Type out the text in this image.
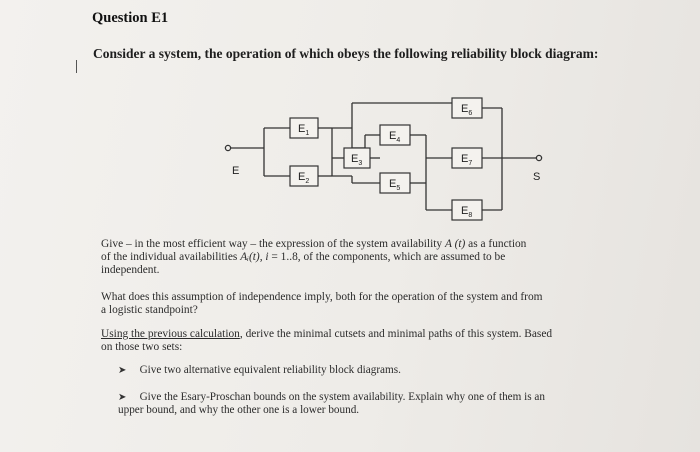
Question E1
Consider a system, the operation of which obeys the following reliability block diagram:
E	S
$E_1$
$E_2$
$E_3$
$E_4$
$E_5$
$E_6$
$E_7$
$E_8$
Give – in the most efficient way – the expression of the system availability A (t) as a function
of the individual availabilities Aᵢ(t), i = 1..8, of the components, which are assumed to be
independent.
What does this assumption of independence imply, both for the operation of the system and from
a logistic standpoint?
Using the previous calculation, derive the minimal cutsets and minimal paths of this system. Based
on those two sets:
➤ Give two alternative equivalent reliability block diagrams.
➤ Give the Esary-Proschan bounds on the system availability. Explain why one of them is an
upper bound, and why the other one is a lower bound.
